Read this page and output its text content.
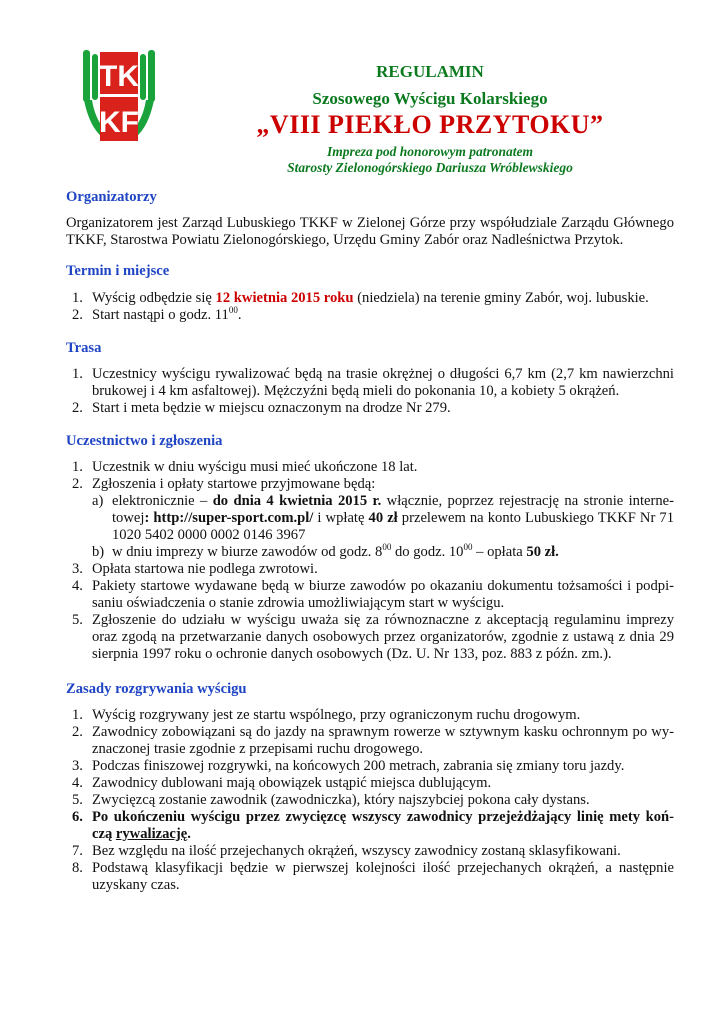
TK
KF
REGULAMIN
Szosowego Wyścigu Kolarskiego
„VIII PIEKŁO PRZYTOKU”
Impreza pod honorowym patronatem
Starosty Zielonogórskiego Dariusza Wróblewskiego
Organizatorzy
Organizatorem jest Zarząd Lubuskiego TKKF w Zielonej Górze przy współudziale Zarządu Głównego TKKF, Starostwa Powiatu Zielonogórskiego, Urzędu Gminy Zabór oraz Nadleśnictwa Przytok.
Termin i miejsce
1. Wyścig odbędzie się 12 kwietnia 2015 roku (niedziela) na terenie gminy Zabór, woj. lubuskie.
2. Start nastąpi o godz. $11^{00}$.
Trasa
1. Uczestnicy wyścigu rywalizować będą na trasie okrężnej o długości 6,7 km (2,7 km nawierzchni brukowej i 4 km asfaltowej). Mężczyźni będą mieli do pokonania 10, a kobiety 5 okrążeń.
2. Start i meta będzie w miejscu oznaczonym na drodze Nr 279.
Uczestnictwo i zgłoszenia
1. Uczestnik w dniu wyścigu musi mieć ukończone 18 lat.
2. Zgłoszenia i opłaty startowe przyjmowane będą:
a) elektronicznie – do dnia 4 kwietnia 2015 r. włącznie, poprzez rejestrację na stronie interne-towej: http://super-sport.com.pl/ i wpłatę 40 zł przelewem na konto Lubuskiego TKKF Nr 71 1020 5402 0000 0002 0146 3967
b) w dniu imprezy w biurze zawodów od godz. $8^{00}$ do godz. $10^{00}$ – opłata 50 zł.
3. Opłata startowa nie podlega zwrotowi.
4. Pakiety startowe wydawane będą w biurze zawodów po okazaniu dokumentu tożsamości i podpi-saniu oświadczenia o stanie zdrowia umożliwiającym start w wyścigu.
5. Zgłoszenie do udziału w wyścigu uważa się za równoznaczne z akceptacją regulaminu imprezy oraz zgodą na przetwarzanie danych osobowych przez organizatorów, zgodnie z ustawą z dnia 29 sierpnia 1997 roku o ochronie danych osobowych (Dz. U. Nr 133, poz. 883 z późn. zm.).
Zasady rozgrywania wyścigu
1. Wyścig rozgrywany jest ze startu wspólnego, przy ograniczonym ruchu drogowym.
2. Zawodnicy zobowiązani są do jazdy na sprawnym rowerze w sztywnym kasku ochronnym po wy-znaczonej trasie zgodnie z przepisami ruchu drogowego.
3. Podczas finiszowej rozgrywki, na końcowych 200 metrach, zabrania się zmiany toru jazdy.
4. Zawodnicy dublowani mają obowiązek ustąpić miejsca dublującym.
5. Zwycięzcą zostanie zawodnik (zawodniczka), który najszybciej pokona cały dystans.
6. Po ukończeniu wyścigu przez zwycięzcę wszyscy zawodnicy przejeżdżający linię mety koń-czą rywalizację.
7. Bez względu na ilość przejechanych okrążeń, wszyscy zawodnicy zostaną sklasyfikowani.
8. Podstawą klasyfikacji będzie w pierwszej kolejności ilość przejechanych okrążeń, a następnie uzyskany czas.
